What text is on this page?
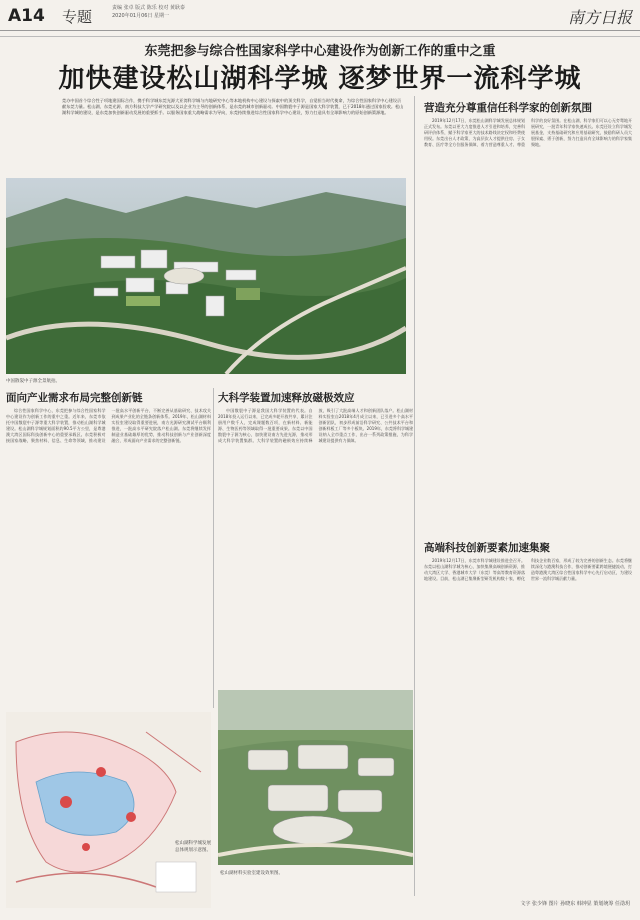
A14 专题	责编 张卓 版式 陈乐 校对 黄耿泰
2020年01月06日 星期一	南方日报
东莞把参与综合性国家科学中心建设作为创新工作的重中之重
加快建设松山湖科学城 逐梦世界一流科学城
莞办中国首个综合性子项地建国际合作，携手科学城东莞光源大亚湾科学城与内地研究中心等本地机构中心建设与探索中的顶尖科学，自觉担当时代使命，为综合性国家科学中心建设贡献东莞力量。松山湖、东莞光源、南方科技大学产学研究院以及以企业为主导的创新体系，是东莞的城市创新驱动。中国散裂中子源是国家大科学装置，已于2018年通过国家验收。松山湖科学城的建设，是东莞加快创新驱动发展的重要抓手。以服务国家重大战略需求为导向，东莞持续推进综合性国家科学中心建设，努力打造具有全球影响力的原始创新策源地。
中国散裂中子源全景航拍。
营造充分尊重信任科学家的创新氛围

2019年12月17日，东莞松山湖科学城发展总体规划正式发布。东莞以更大力度推进人才引进和培养，完善科研评价体系，赋予科学家更大的技术路线决定权和经费使用权。东莞出台人才政策，为高层次人才提供住房、子女教育、医疗等全方位服务保障，着力营造尊重人才、尊重科学的良好氛围。在松山湖，科学家们可以心无旁骛地开展研究，一批青年科学家快速成长。东莞还设立科学城发展基金，支持基础研究和应用基础研究，鼓励科研人员大胆探索、勇于创新，努力打造具有全球影响力的科学家集聚地。

高端科技创新要素加速集聚

2019年12月17日，东莞市科学城建设推进会召开。东莞以松山湖科学城为核心，加快集聚高端创新资源，推动大湾区大学、香港城市大学（东莞）等高等教育资源落地建设。目前，松山湖已集聚新型研发机构数十家，孵化科技企业数百家，形成了较为完善的创新生态。东莞将继续深化与港澳科技合作，推动创新要素跨境便捷流动，打造粤港澳大湾区综合性国家科学中心先行启动区，为建设世界一流科学城贡献力量。

面向产业需求布局完整创新链

综合性国家科学中心，东莞把参与综合性国家科学中心建设作为创新工作的重中之重。近年来，东莞市依托中国散裂中子源等重大科学装置，推动松山湖科学城建设。松山湖科学城规划面积约90.5平方公里，是粤港澳大湾区国际科技创新中心的重要承载区。东莞积极对接国家战略，聚焦材料、信息、生命等领域，推动建设一批高水平创新平台，不断完善从基础研究、技术攻关到成果产业化的全链条创新体系。2019年，松山湖材料实验室建设取得重要进展，南方光源研究测试平台顺利推进，一批高水平研究院落户松山湖。东莞将继续发挥制造业基础雄厚的优势，推动科技创新与产业创新深度融合，形成面向产业需求的完整创新链。

大科学装置加速释放磁极效应

中国散裂中子源是我国大科学装置的代表。自2018年投入运行以来，已完成多轮开放共享，累计注册用户数千人，完成课题数百项，在新材料、新能源、生物医药等领域取得一批重要成果。东莞以中国散裂中子源为核心，加快建设南方先进光源，推动形成大科学装置集群。大科学装置的磁极效应持续释放，吸引了大批高端人才和创新团队落户。松山湖材料实验室自2018年4月成立以来，已引进多个高水平创新团队，初步形成前沿科学研究、公共技术平台和创新样板工厂等多个板块。2019年，东莞将科学城建设纳入全市重点工作，出台一系列政策措施，为科学城建设提供有力保障。

松山湖科学城发展总体规划示意图。
松山湖材料实验室建设效果图。
文字 张少锋 图片 孙晓东 韩钟显 策划统筹 任劭玥
